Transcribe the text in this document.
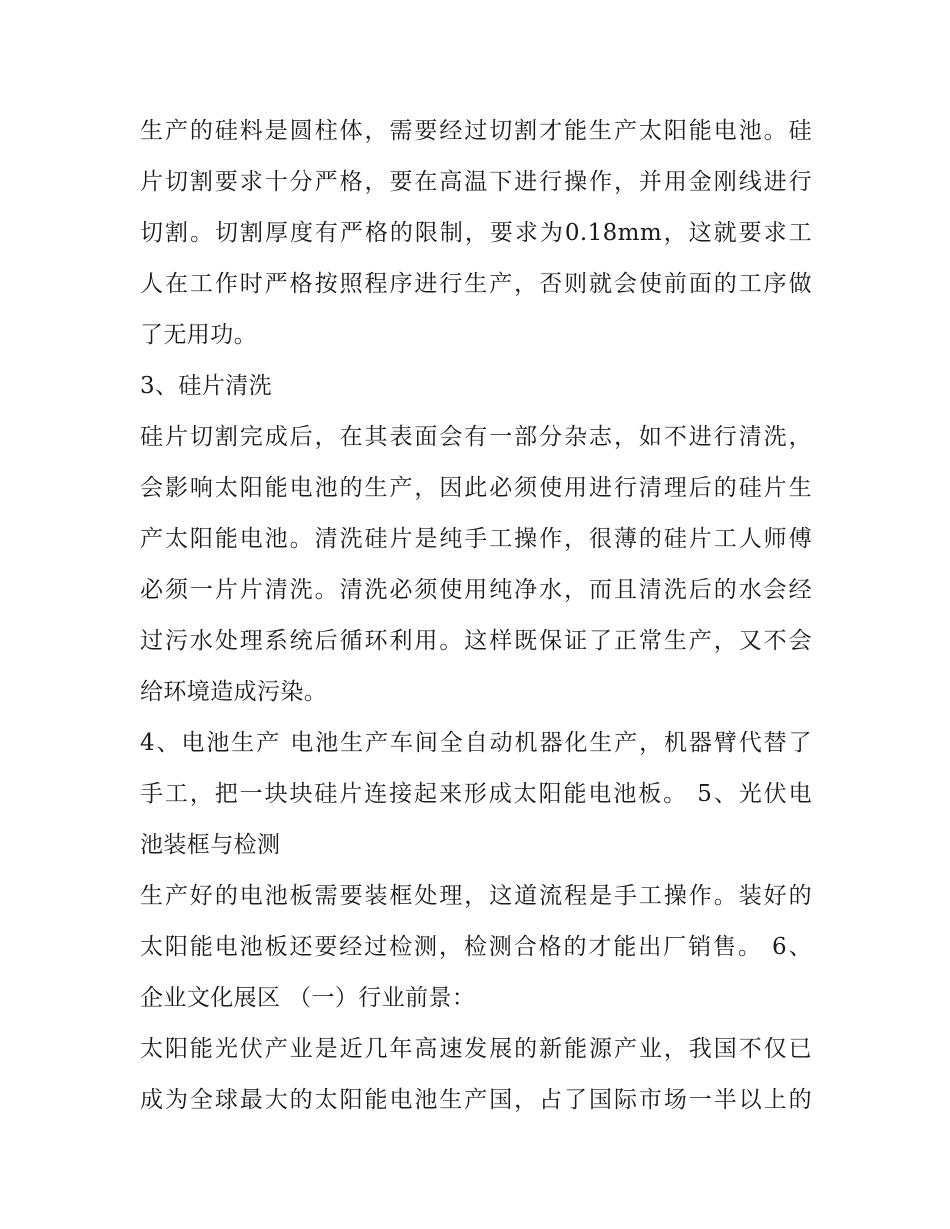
生产的硅料是圆柱体，需要经过切割才能生产太阳能电池。硅
片切割要求十分严格，要在高温下进行操作，并用金刚线进行
切割。切割厚度有严格的限制，要求为0.18mm，这就要求工
人在工作时严格按照程序进行生产，否则就会使前面的工序做
了无用功。
3、硅片清洗
硅片切割完成后，在其表面会有一部分杂志，如不进行清洗，
会影响太阳能电池的生产，因此必须使用进行清理后的硅片生
产太阳能电池。清洗硅片是纯手工操作，很薄的硅片工人师傅
必须一片片清洗。清洗必须使用纯净水，而且清洗后的水会经
过污水处理系统后循环利用。这样既保证了正常生产，又不会
给环境造成污染。
4、电池生产 电池生产车间全自动机器化生产，机器臂代替了
手工，把一块块硅片连接起来形成太阳能电池板。 5、光伏电
池装框与检测
生产好的电池板需要装框处理，这道流程是手工操作。装好的
太阳能电池板还要经过检测，检测合格的才能出厂销售。 6、
企业文化展区 （一）行业前景：
太阳能光伏产业是近几年高速发展的新能源产业，我国不仅已
成为全球最大的太阳能电池生产国，占了国际市场一半以上的
